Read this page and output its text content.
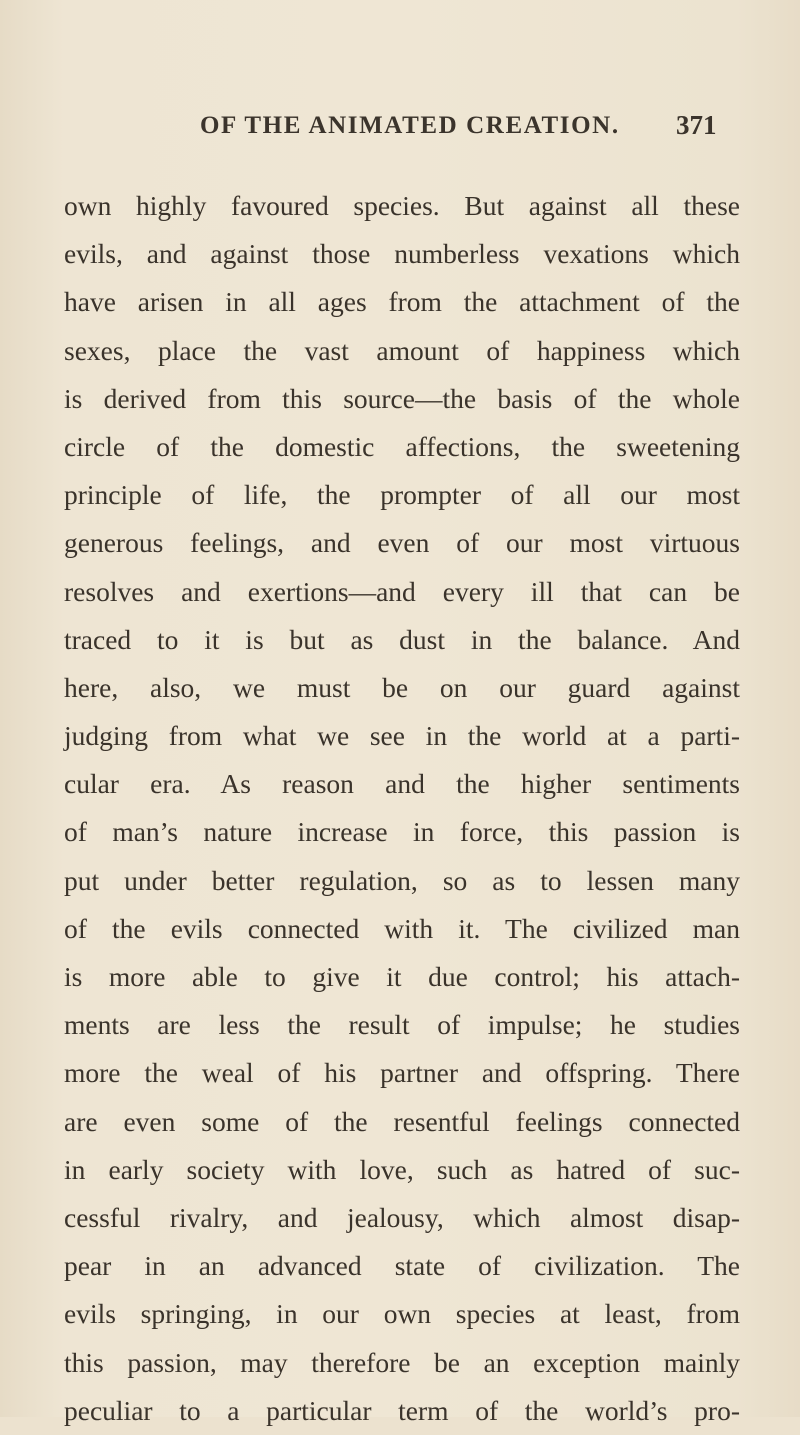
OF THE ANIMATED CREATION. 371
own highly favoured species. But against all these
evils, and against those numberless vexations which
have arisen in all ages from the attachment of the
sexes, place the vast amount of happiness which
is derived from this source—the basis of the whole
circle of the domestic affections, the sweetening
principle of life, the prompter of all our most
generous feelings, and even of our most virtuous
resolves and exertions—and every ill that can be
traced to it is but as dust in the balance. And
here, also, we must be on our guard against
judging from what we see in the world at a parti-
cular era. As reason and the higher sentiments
of man’s nature increase in force, this passion is
put under better regulation, so as to lessen many
of the evils connected with it. The civilized man
is more able to give it due control; his attach-
ments are less the result of impulse; he studies
more the weal of his partner and offspring. There
are even some of the resentful feelings connected
in early society with love, such as hatred of suc-
cessful rivalry, and jealousy, which almost disap-
pear in an advanced state of civilization. The
evils springing, in our own species at least, from
this passion, may therefore be an exception mainly
peculiar to a particular term of the world’s pro-
